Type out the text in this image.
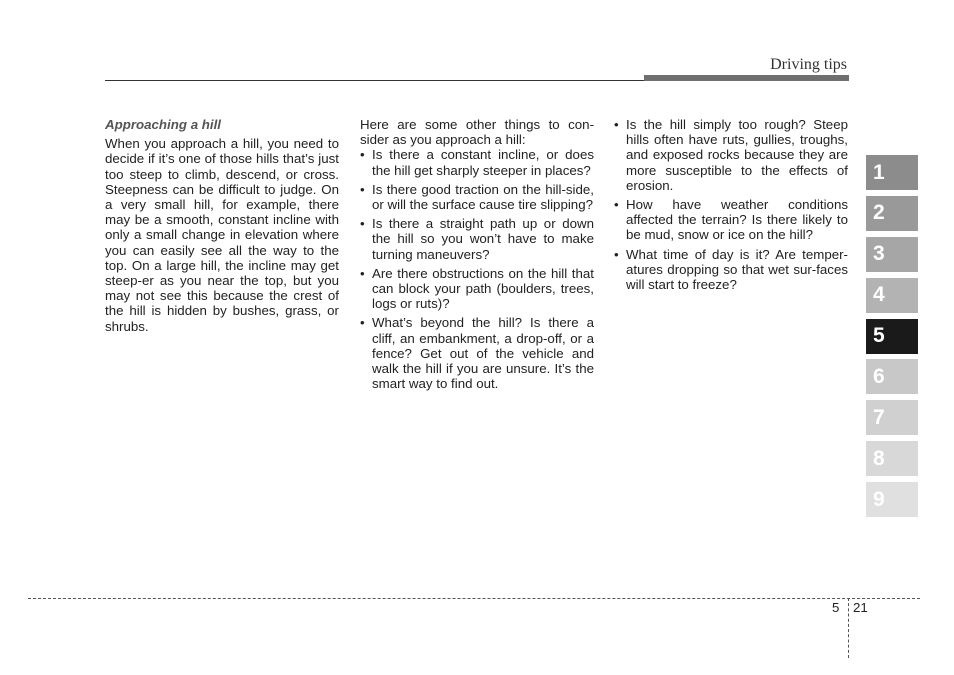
Driving tips
Approaching a hill

When you approach a hill, you need to decide if it’s one of those hills that’s just too steep to climb, descend, or cross. Steepness can be difficult to judge. On a very small hill, for example, there may be a smooth, constant incline with only a small change in elevation where you can easily see all the way to the top. On a large hill, the incline may get steep-er as you near the top, but you may not see this because the crest of the hill is hidden by bushes, grass, or shrubs.

Here are some other things to con-sider as you approach a hill:

• Is there a constant incline, or does the hill get sharply steeper in places?
• Is there good traction on the hill-side, or will the surface cause tire slipping?
• Is there a straight path up or down the hill so you won’t have to make turning maneuvers?
• Are there obstructions on the hill that can block your path (boulders, trees, logs or ruts)?
• What’s beyond the hill? Is there a cliff, an embankment, a drop-off, or a fence? Get out of the vehicle and walk the hill if you are unsure. It’s the smart way to find out.
• Is the hill simply too rough? Steep hills often have ruts, gullies, troughs, and exposed rocks because they are more susceptible to the effects of erosion.
• How have weather conditions affected the terrain? Is there likely to be mud, snow or ice on the hill?
• What time of day is it? Are temper-atures dropping so that wet sur-faces will start to freeze?
1
2
3
4
5
6
7
8
9
5 21
